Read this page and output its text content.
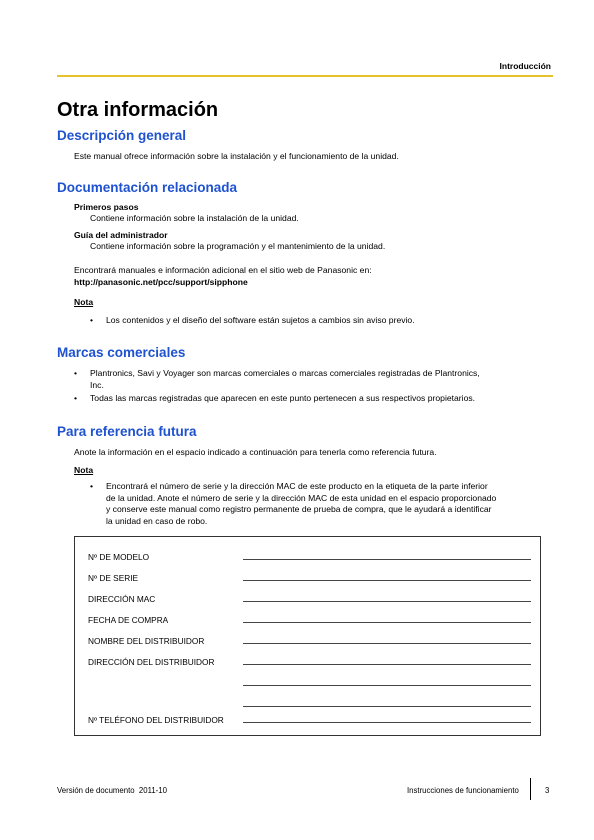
Introducción
Otra información
Descripción general
Este manual ofrece información sobre la instalación y el funcionamiento de la unidad.
Documentación relacionada
Primeros pasos
Contiene información sobre la instalación de la unidad.
Guía del administrador
Contiene información sobre la programación y el mantenimiento de la unidad.
Encontrará manuales e información adicional en el sitio web de Panasonic en:
http://panasonic.net/pcc/support/sipphone
Nota
• Los contenidos y el diseño del software están sujetos a cambios sin aviso previo.
Marcas comerciales
• Plantronics, Savi y Voyager son marcas comerciales o marcas comerciales registradas de Plantronics,
Inc.
• Todas las marcas registradas que aparecen en este punto pertenecen a sus respectivos propietarios.
Para referencia futura
Anote la información en el espacio indicado a continuación para tenerla como referencia futura.
Nota
• Encontrará el número de serie y la dirección MAC de este producto en la etiqueta de la parte inferior
de la unidad. Anote el número de serie y la dirección MAC de esta unidad en el espacio proporcionado
y conserve este manual como registro permanente de prueba de compra, que le ayudará a identificar
la unidad en caso de robo.
Nº DE MODELO
Nº DE SERIE
DIRECCIÓN MAC
FECHA DE COMPRA
NOMBRE DEL DISTRIBUIDOR
DIRECCIÓN DEL DISTRIBUIDOR
Nº TELÉFONO DEL DISTRIBUIDOR
Versión de documento  2011-10	Instrucciones de funcionamiento	3
